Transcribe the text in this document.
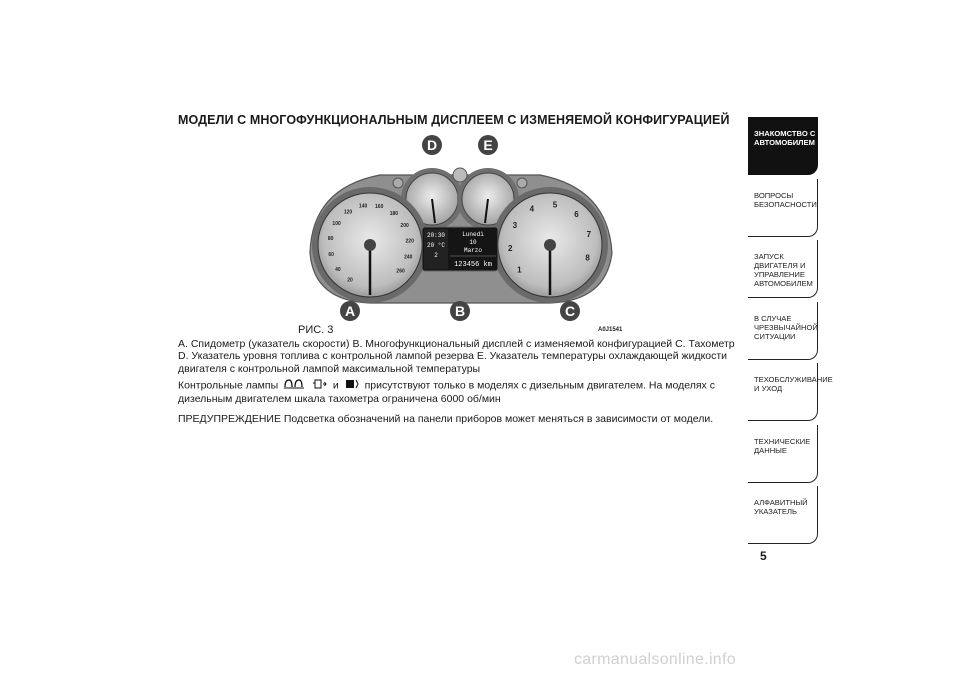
МОДЕЛИ С МНОГОФУНКЦИОНАЛЬНЫМ ДИСПЛЕЕМ С ИЗМЕНЯЕМОЙ КОНФИГУРАЦИЕЙ
20
40
60
80
100
120
140 160
180
200
220
240
260	1
2
3
4 5
6
7
8
20:30
20 °C
2
Lunedì
10
Marzo
123456 km
A	B	C
D	E
РИС. 3	A0J1541
A. Спидометр (указатель скорости) B. Многофункциональный дисплей с изменяемой конфигурацией C. Тахометр D. Указатель уровня топлива с контрольной лампой резерва E. Указатель температуры охлаждающей жидкости двигателя с контрольной лампой максимальной температуры
Контрольные лампы	и присутствуют только в моделях с дизельным двигателем. На моделях с дизельным двигателем шкала тахометра ограничена 6000 об/мин
ПРЕДУПРЕЖДЕНИЕ Подсветка обозначений на панели приборов может меняться в зависимости от модели.
ЗНАКОМСТВО С АВТОМОБИЛЕМ
ВОПРОСЫ БЕЗОПАСНОСТИ
ЗАПУСК ДВИГАТЕЛЯ И УПРАВЛЕНИЕ АВТОМОБИЛЕМ
В СЛУЧАЕ ЧРЕЗВЫЧАЙНОЙ СИТУАЦИИ
ТЕХОБСЛУЖИВАНИЕ И УХОД
ТЕХНИЧЕСКИЕ ДАННЫЕ
АЛФАВИТНЫЙ УКАЗАТЕЛЬ
5
carmanualsonline.info
